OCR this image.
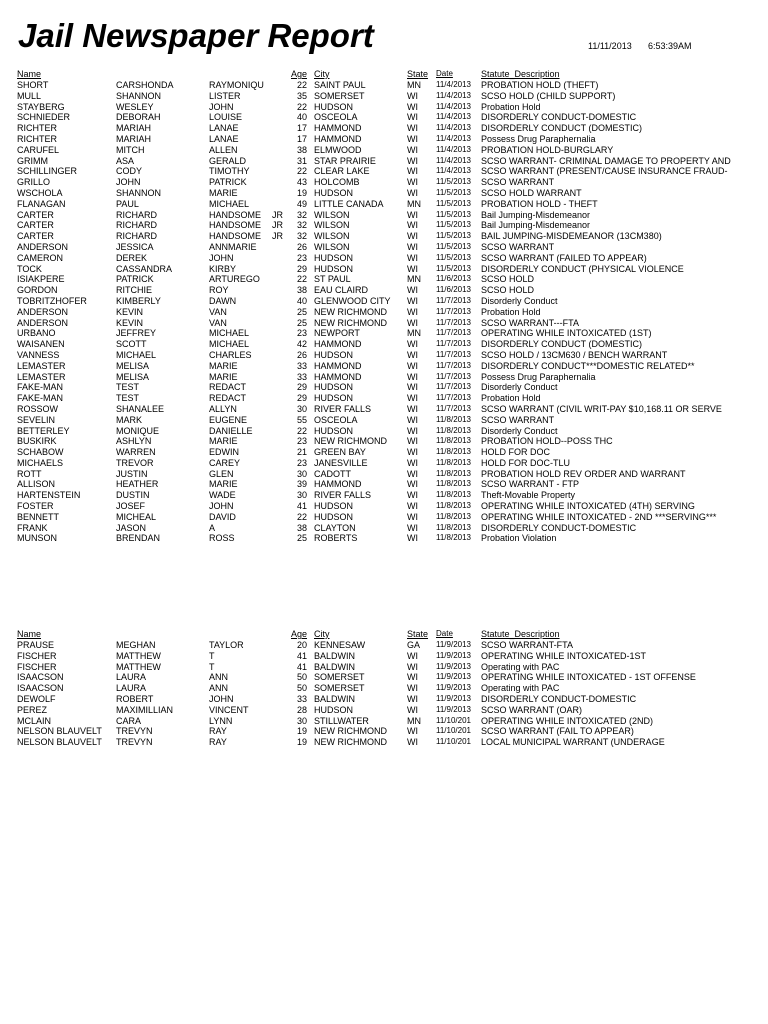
Jail Newspaper Report	11/11/2013 6:53:39AM
Name	Age City	State Date	Statute_Description
SHORT	CARSHONDA	RAYMONIQU	22 SAINT PAUL	MN	11/4/2013	PROBATION HOLD (THEFT)
MULL	SHANNON	LISTER	35 SOMERSET	WI	11/4/2013	SCSO HOLD (CHILD SUPPORT)
STAYBERG	WESLEY	JOHN	22 HUDSON	WI	11/4/2013	Probation Hold
SCHNIEDER	DEBORAH	LOUISE	40 OSCEOLA	WI	11/4/2013	DISORDERLY CONDUCT-DOMESTIC
RICHTER	MARIAH	LANAE	17 HAMMOND	WI	11/4/2013	DISORDERLY CONDUCT (DOMESTIC)
RICHTER	MARIAH	LANAE	17 HAMMOND	WI	11/4/2013	Possess Drug Paraphernalia
CARUFEL	MITCH	ALLEN	38 ELMWOOD	WI	11/4/2013	PROBATION HOLD-BURGLARY
GRIMM	ASA	GERALD	31 STAR PRAIRIE	WI	11/4/2013	SCSO WARRANT- CRIMINAL DAMAGE TO PROPERTY AND
SCHILLINGER	CODY	TIMOTHY	22 CLEAR LAKE	WI	11/4/2013	SCSO WARRANT (PRESENT/CAUSE INSURANCE FRAUD-
GRILLO	JOHN	PATRICK	43 HOLCOMB	WI	11/5/2013	SCSO WARRANT
WSCHOLA	SHANNON	MARIE	19 HUDSON	WI	11/5/2013	SCSO HOLD WARRANT
FLANAGAN	PAUL	MICHAEL	49 LITTLE CANADA	MN	11/5/2013	PROBATION HOLD - THEFT
CARTER	RICHARD	HANDSOME	JR	32 WILSON	WI	11/5/2013	Bail Jumping-Misdemeanor
CARTER	RICHARD	HANDSOME	JR	32 WILSON	WI	11/5/2013	Bail Jumping-Misdemeanor
CARTER	RICHARD	HANDSOME	JR	32 WILSON	WI	11/5/2013	BAIL JUMPING-MISDEMEANOR (13CM380)
ANDERSON	JESSICA	ANNMARIE	26 WILSON	WI	11/5/2013	SCSO WARRANT
CAMERON	DEREK	JOHN	23 HUDSON	WI	11/5/2013	SCSO WARRANT (FAILED TO APPEAR)
TOCK	CASSANDRA	KIRBY	29 HUDSON	WI	11/5/2013	DISORDERLY CONDUCT (PHYSICAL VIOLENCE
ISIAKPERE	PATRICK	ARTUREGO	22 ST PAUL	MN	11/6/2013	SCSO HOLD
GORDON	RITCHIE	ROY	38 EAU CLAIRD	WI	11/6/2013	SCSO HOLD
TOBRITZHOFER	KIMBERLY	DAWN	40 GLENWOOD CITY	WI	11/7/2013	Disorderly Conduct
ANDERSON	KEVIN	VAN	25 NEW RICHMOND	WI	11/7/2013	Probation Hold
ANDERSON	KEVIN	VAN	25 NEW RICHMOND	WI	11/7/2013	SCSO WARRANT---FTA
URBANO	JEFFREY	MICHAEL	23 NEWPORT	MN	11/7/2013	OPERATING WHILE INTOXICATED (1ST)
WAISANEN	SCOTT	MICHAEL	42 HAMMOND	WI	11/7/2013	DISORDERLY CONDUCT (DOMESTIC)
VANNESS	MICHAEL	CHARLES	26 HUDSON	WI	11/7/2013	SCSO HOLD / 13CM630 / BENCH WARRANT
LEMASTER	MELISA	MARIE	33 HAMMOND	WI	11/7/2013	DISORDERLY CONDUCT***DOMESTIC RELATED**
LEMASTER	MELISA	MARIE	33 HAMMOND	WI	11/7/2013	Possess Drug Paraphernalia
FAKE-MAN	TEST	REDACT	29 HUDSON	WI	11/7/2013	Disorderly Conduct
FAKE-MAN	TEST	REDACT	29 HUDSON	WI	11/7/2013	Probation Hold
ROSSOW	SHANALEE	ALLYN	30 RIVER FALLS	WI	11/7/2013	SCSO WARRANT (CIVIL WRIT-PAY $10,168.11 OR SERVE
SEVELIN	MARK	EUGENE	55 OSCEOLA	WI	11/8/2013	SCSO WARRANT
BETTERLEY	MONIQUE	DANIELLE	22 HUDSON	WI	11/8/2013	Disorderly Conduct
BUSKIRK	ASHLYN	MARIE	23 NEW RICHMOND	WI	11/8/2013	PROBATION HOLD--POSS THC
SCHABOW	WARREN	EDWIN	21 GREEN BAY	WI	11/8/2013	HOLD FOR DOC
MICHAELS	TREVOR	CAREY	23 JANESVILLE	WI	11/8/2013	HOLD FOR DOC-TLU
ROTT	JUSTIN	GLEN	30 CADOTT	WI	11/8/2013	PROBATION HOLD REV ORDER AND WARRANT
ALLISON	HEATHER	MARIE	39 HAMMOND	WI	11/8/2013	SCSO WARRANT - FTP
HARTENSTEIN	DUSTIN	WADE	30 RIVER FALLS	WI	11/8/2013	Theft-Movable Property
FOSTER	JOSEF	JOHN	41 HUDSON	WI	11/8/2013	OPERATING WHILE INTOXICATED (4TH) SERVING
BENNETT	MICHEAL	DAVID	22 HUDSON	WI	11/8/2013	OPERATING WHILE INTOXICATED - 2ND ***SERVING***
FRANK	JASON	A	38 CLAYTON	WI	11/8/2013	DISORDERLY CONDUCT-DOMESTIC
MUNSON	BRENDAN	ROSS	25 ROBERTS	WI	11/8/2013	Probation Violation
Name	Age City	State Date	Statute_Description
PRAUSE	MEGHAN	TAYLOR	20 KENNESAW	GA	11/9/2013	SCSO WARRANT-FTA
FISCHER	MATTHEW	T	41 BALDWIN	WI	11/9/2013	OPERATING WHILE INTOXICATED-1ST
FISCHER	MATTHEW	T	41 BALDWIN	WI	11/9/2013	Operating with PAC
ISAACSON	LAURA	ANN	50 SOMERSET	WI	11/9/2013	OPERATING WHILE INTOXICATED - 1ST OFFENSE
ISAACSON	LAURA	ANN	50 SOMERSET	WI	11/9/2013	Operating with PAC
DEWOLF	ROBERT	JOHN	33 BALDWIN	WI	11/9/2013	DISORDERLY CONDUCT-DOMESTIC
PEREZ	MAXIMILLIAN	VINCENT	28 HUDSON	WI	11/9/2013	SCSO WARRANT (OAR)
MCLAIN	CARA	LYNN	30 STILLWATER	MN	11/10/201	OPERATING WHILE INTOXICATED (2ND)
NELSON BLAUVELT	TREVYN	RAY	19 NEW RICHMOND	WI	11/10/201	SCSO WARRANT (FAIL TO APPEAR)
NELSON BLAUVELT	TREVYN	RAY	19 NEW RICHMOND	WI	11/10/201	LOCAL MUNICIPAL WARRANT (UNDERAGE
